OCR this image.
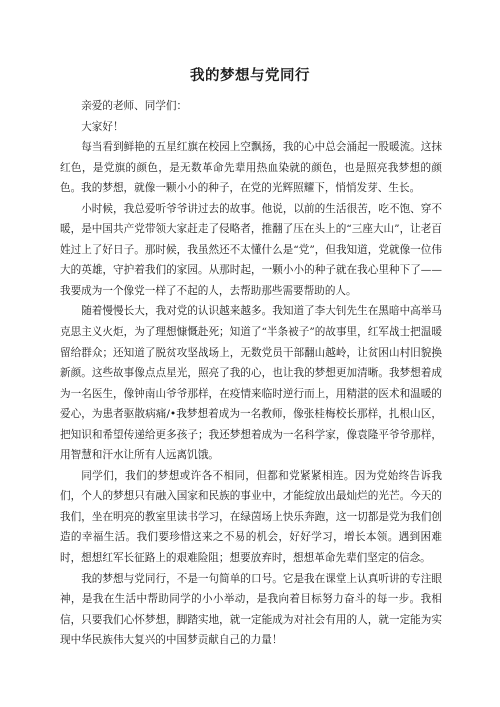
我的梦想与党同行

亲爱的老师、同学们：

大家好！

每当看到鲜艳的五星红旗在校园上空飘扬，我的心中总会涌起一股暖流。这抹红色，是党旗的颜色，是无数革命先辈用热血染就的颜色，也是照亮我梦想的颜色。我的梦想，就像一颗小小的种子，在党的光辉照耀下，悄悄发芽、生长。

小时候，我总爱听爷爷讲过去的故事。他说，以前的生活很苦，吃不饱、穿不暖，是中国共产党带领大家赶走了侵略者，推翻了压在头上的“三座大山”，让老百姓过上了好日子。那时候，我虽然还不太懂什么是“党”，但我知道，党就像一位伟大的英雄，守护着我们的家园。从那时起，一颗小小的种子就在我心里种下了——我要成为一个像党一样了不起的人，去帮助那些需要帮助的人。

随着慢慢长大，我对党的认识越来越多。我知道了李大钊先生在黑暗中高举马克思主义火炬，为了理想慷慨赴死；知道了“半条被子”的故事里，红军战士把温暖留给群众；还知道了脱贫攻坚战场上，无数党员干部翻山越岭，让贫困山村旧貌换新颜。这些故事像点点星光，照亮了我的心，也让我的梦想更加清晰。我梦想着成为一名医生，像钟南山爷爷那样，在疫情来临时逆行而上，用精湛的医术和温暖的爱心，为患者驱散病痛/•我梦想着成为一名教师，像张桂梅校长那样，扎根山区，把知识和希望传递给更多孩子；我还梦想着成为一名科学家，像袁隆平爷爷那样，用智慧和汗水让所有人远离饥饿。

同学们，我们的梦想或许各不相同，但都和党紧紧相连。因为党始终告诉我们，个人的梦想只有融入国家和民族的事业中，才能绽放出最灿烂的光芒。今天的我们，坐在明亮的教室里读书学习，在绿茵场上快乐奔跑，这一切都是党为我们创造的幸福生活。我们要珍惜这来之不易的机会，好好学习，增长本领。遇到困难时，想想红军长征路上的艰难险阻；想要放弃时，想想革命先辈们坚定的信念。

我的梦想与党同行，不是一句简单的口号。它是我在课堂上认真听讲的专注眼神，是我在生活中帮助同学的小小举动，是我向着目标努力奋斗的每一步。我相信，只要我们心怀梦想，脚踏实地，就一定能成为对社会有用的人，就一定能为实现中华民族伟大复兴的中国梦贡献自己的力量！
